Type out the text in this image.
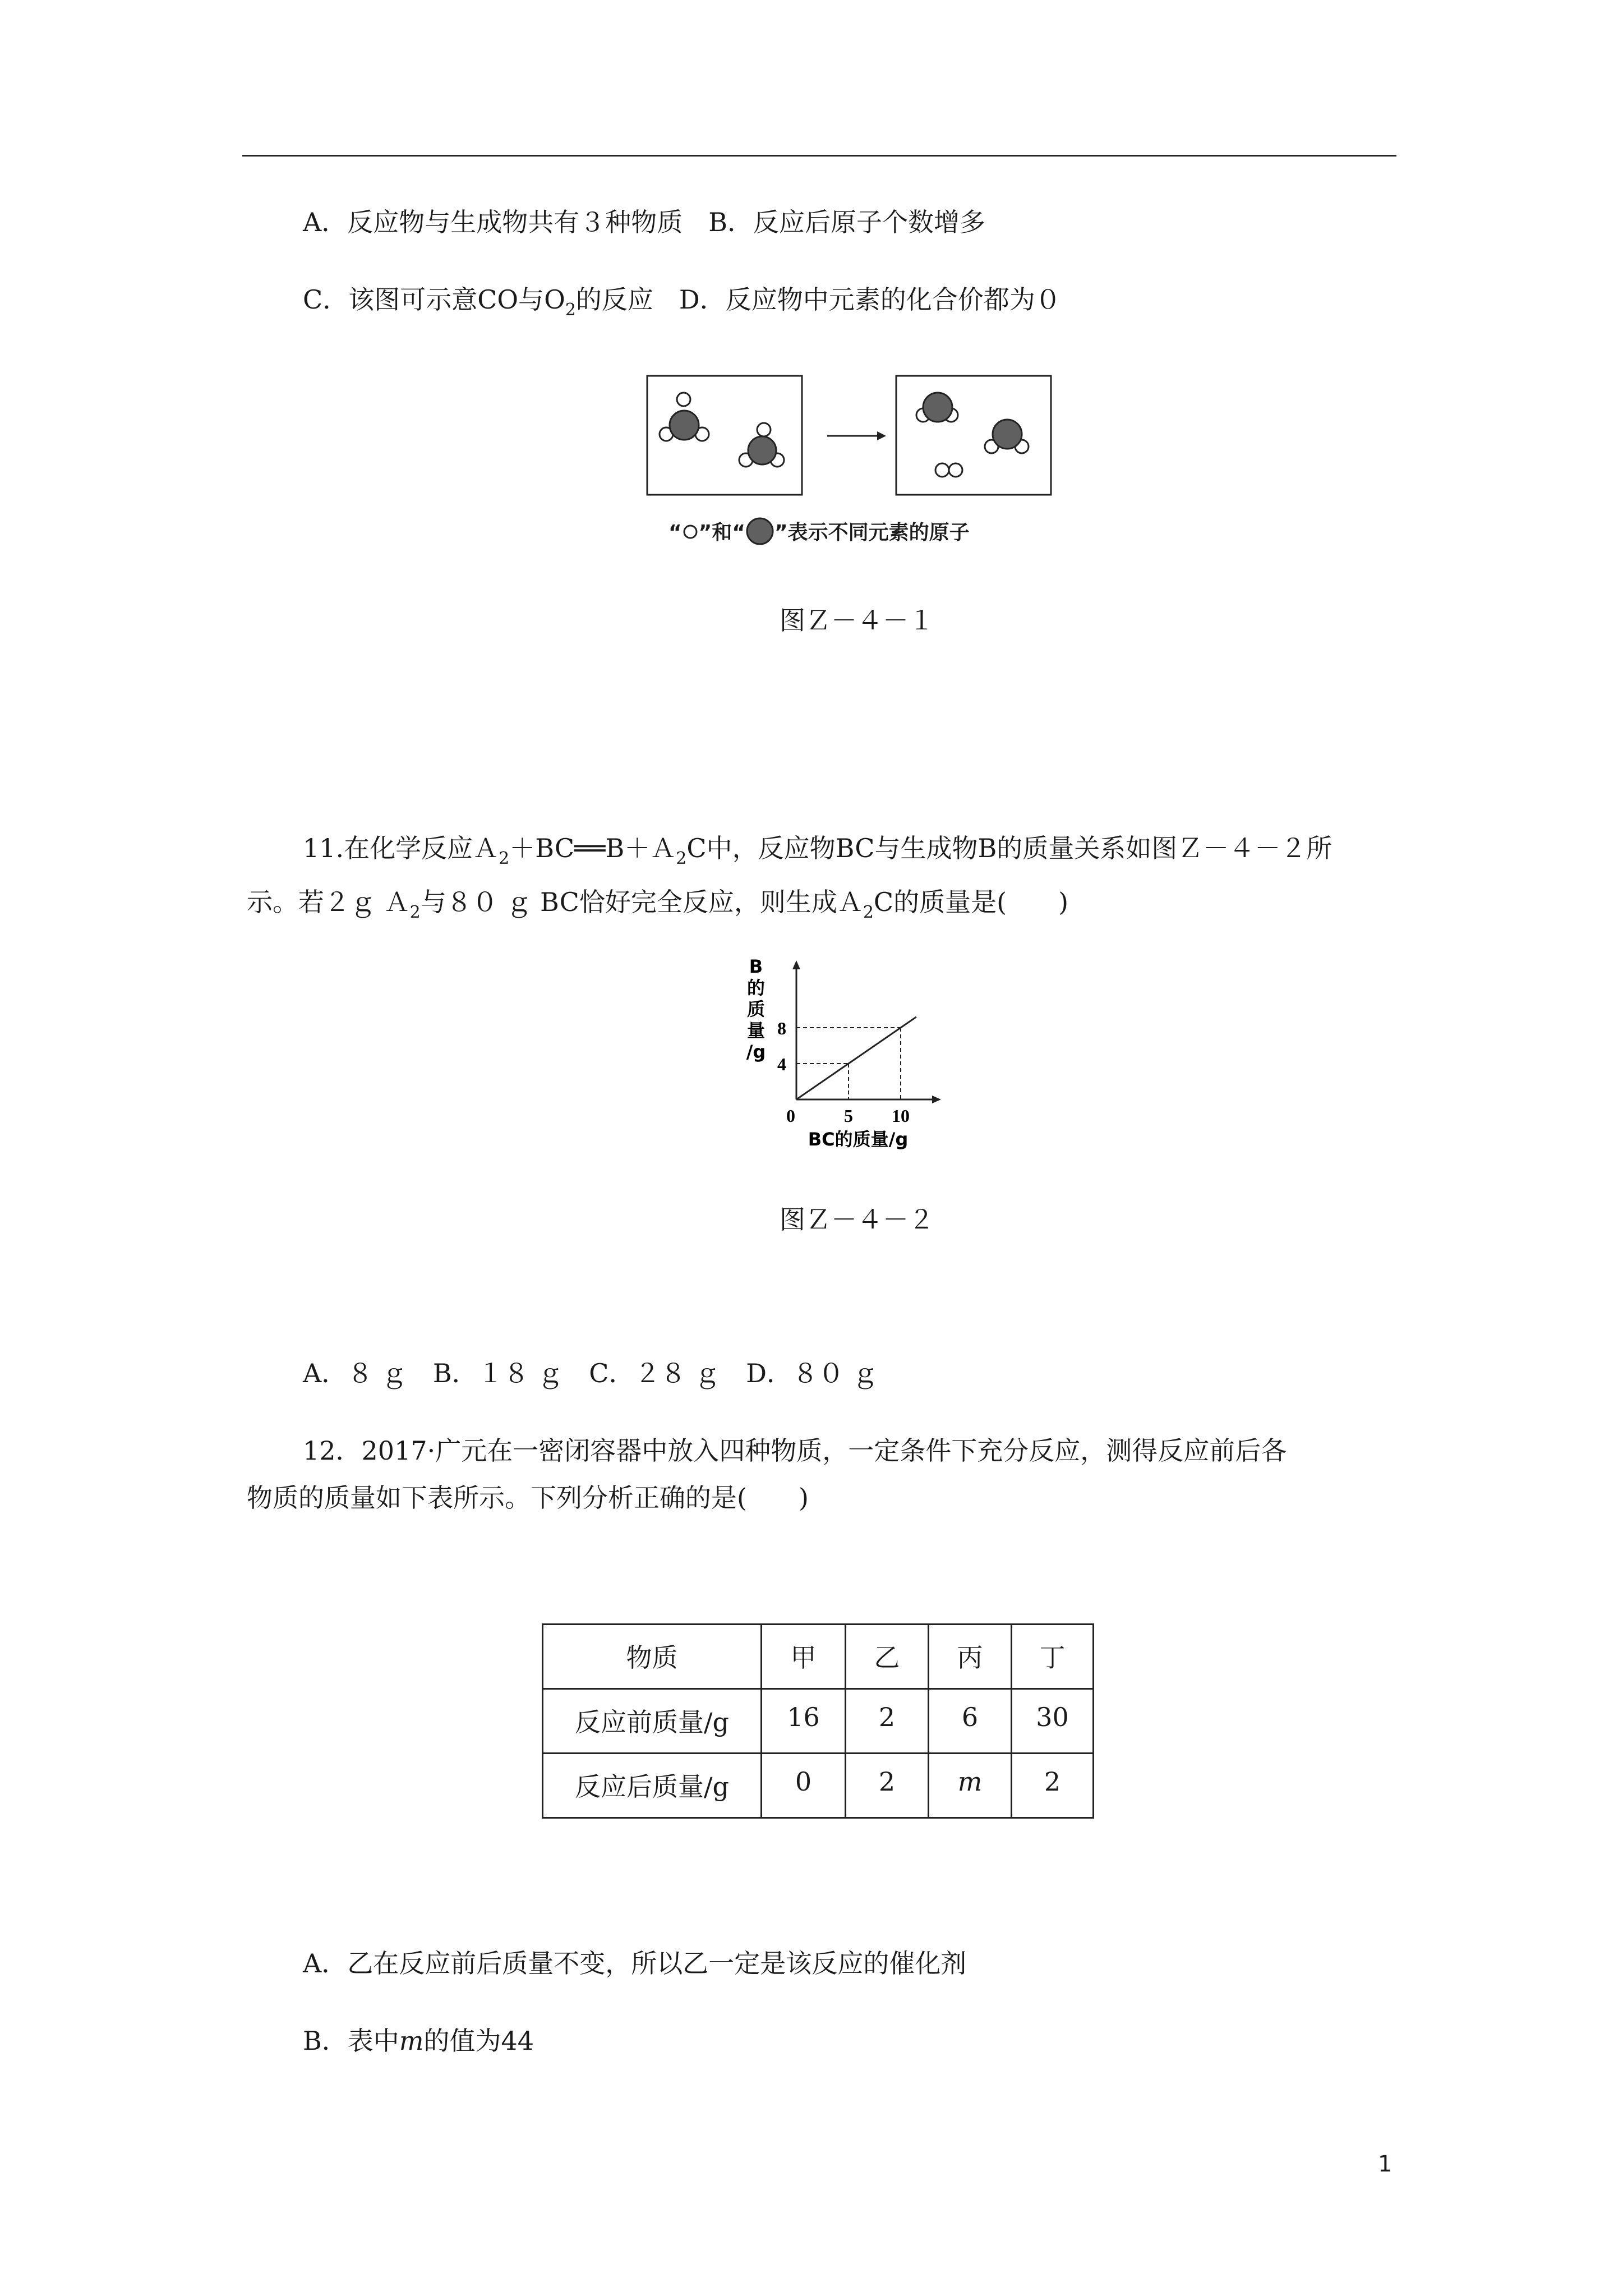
A．反应物与生成物共有３种物质　B．反应后原子个数增多
C．该图可示意CO与$O_2$的反应　D．反应物中元素的化合价都为０
“ ”和“ ”表示不同元素的原子
图Ｚ－４－１
11.在化学反应Ａ$_2$＋BC══B＋Ａ$_2$C中，反应物BC与生成物B的质量关系如图Ｚ－４－２所
示。若２ｇ Ａ$_2$与８０ ｇ BC恰好完全反应，则生成Ａ$_2$C的质量是(　　)
0	5 10
4
8
B
的
质
量
/g
BC的质量/g
图Ｚ－４－２
A．８ ｇ　B．１８ ｇ　C．２８ ｇ　D．８０ ｇ
12．2017·广元在一密闭容器中放入四种物质，一定条件下充分反应，测得反应前后各
物质的质量如下表所示。下列分析正确的是(　　)
物质	甲	乙	丙	丁
反应前质量/g	16	2	6	30
反应后质量/g	0	2	m	2
A．乙在反应前后质量不变，所以乙一定是该反应的催化剂
B．表中m的值为44
1
